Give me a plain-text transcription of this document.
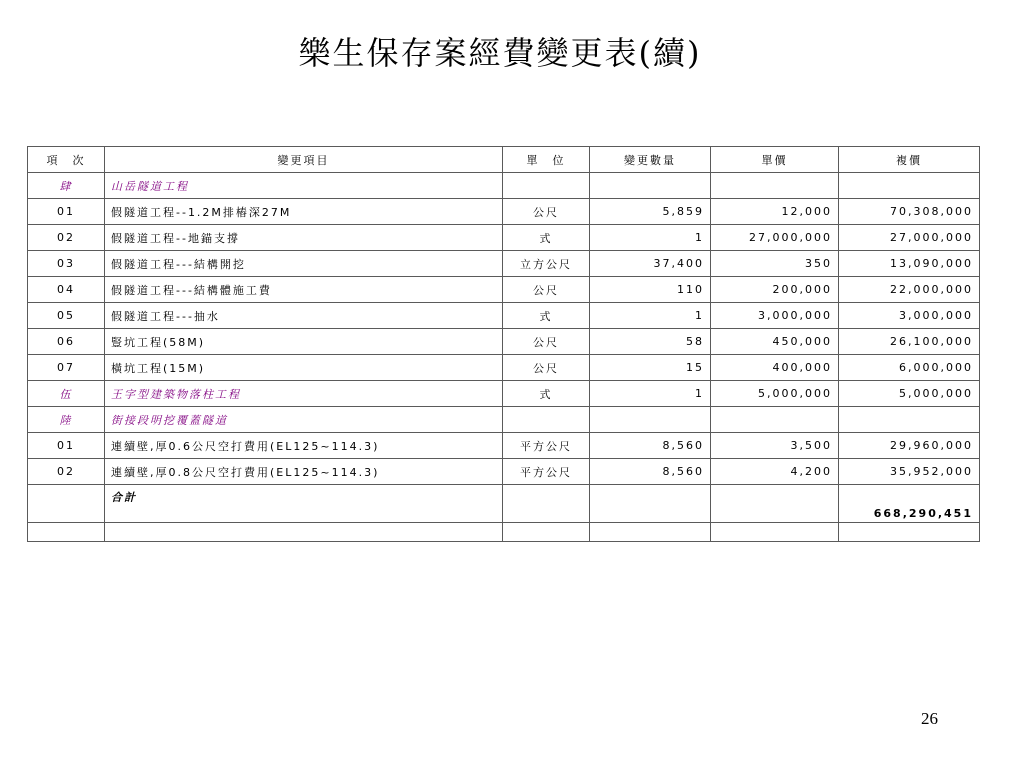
樂生保存案經費變更表(續)
項　次	變更項目	單　位	變更數量	單價	複價
肆	山岳隧道工程				
01	假隧道工程--1.2M排樁深27M	公尺	5,859	12,000	70,308,000
02	假隧道工程--地錨支撐	式	1	27,000,000	27,000,000
03	假隧道工程---結構開挖	立方公尺	37,400	350	13,090,000
04	假隧道工程---結構體施工費	公尺	110	200,000	22,000,000
05	假隧道工程---抽水	式	1	3,000,000	3,000,000
06	豎坑工程(58M)	公尺	58	450,000	26,100,000
07	橫坑工程(15M)	公尺	15	400,000	6,000,000
伍	王字型建築物落柱工程	式	1	5,000,000	5,000,000
陸	街接段明挖覆蓋隧道				
01	連續壁,厚0.6公尺空打費用(EL125~114.3)	平方公尺	8,560	3,500	29,960,000
02	連續壁,厚0.8公尺空打費用(EL125~114.3)	平方公尺	8,560	4,200	35,952,000
	合計				668,290,451

26
